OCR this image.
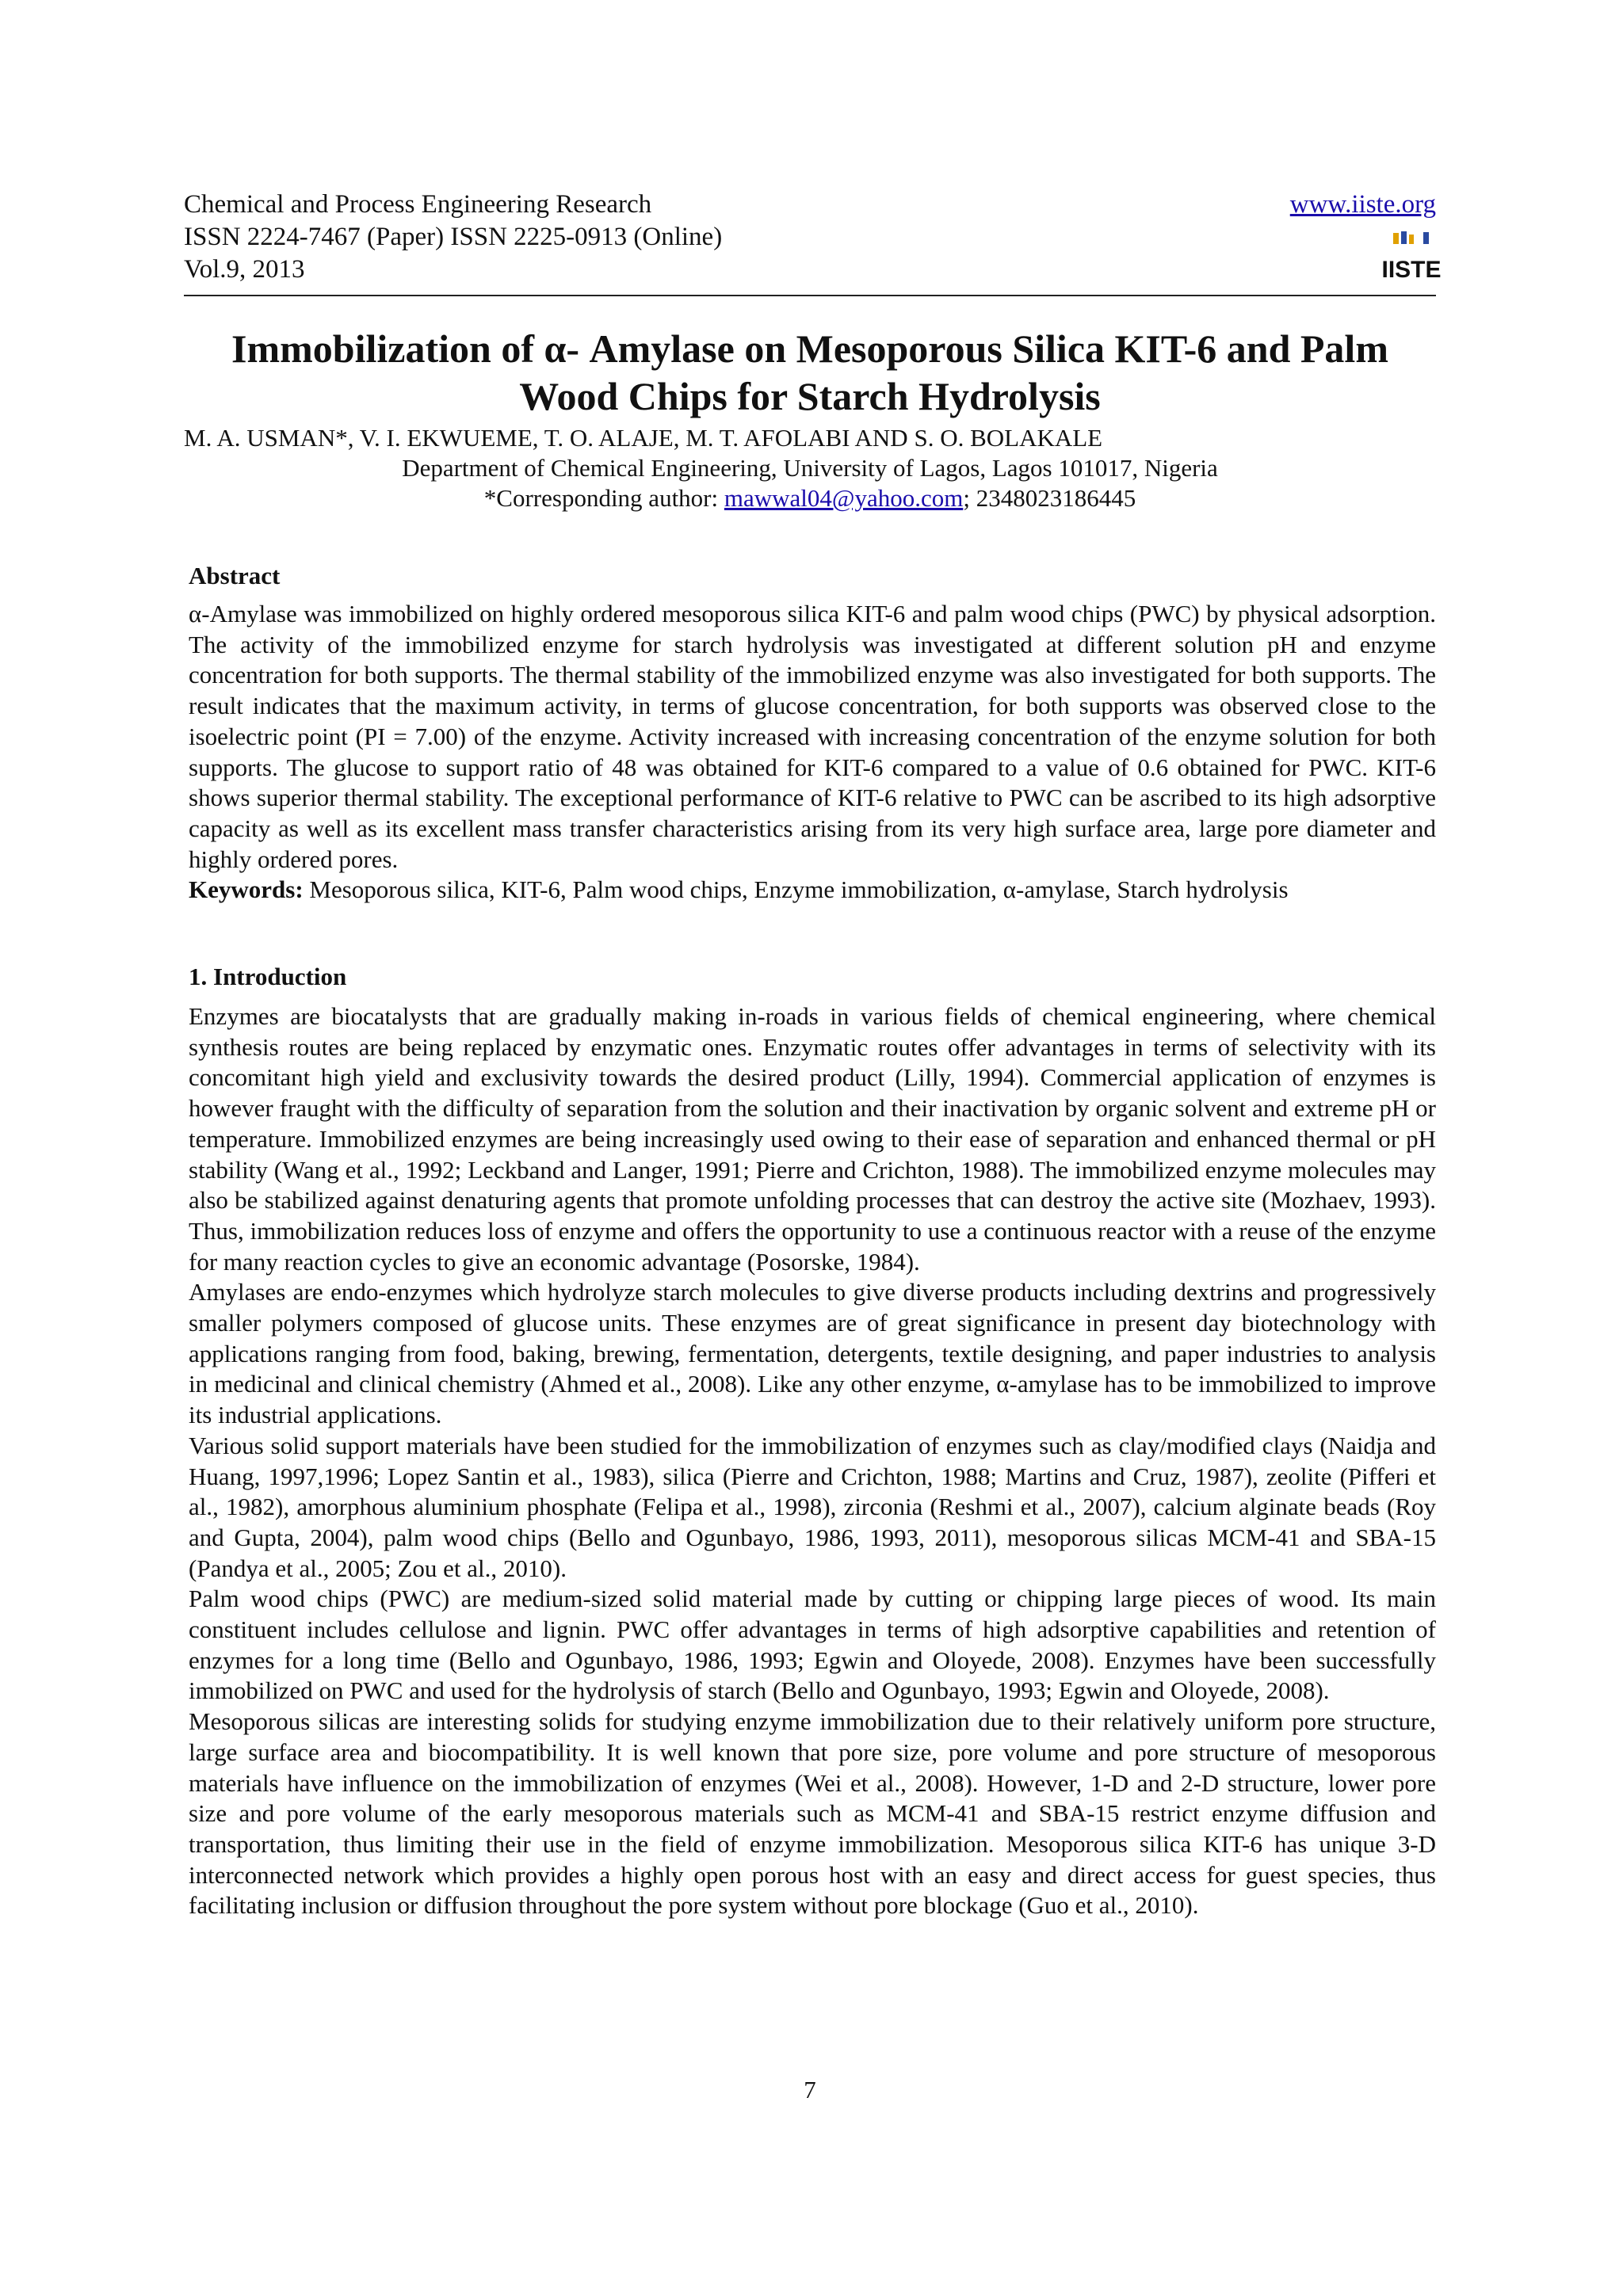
Chemical and Process Engineering Research
ISSN 2224-7467 (Paper) ISSN 2225-0913 (Online)
Vol.9, 2013
www.iiste.org
IISTE
Immobilization of α- Amylase on Mesoporous Silica KIT-6 and Palm Wood Chips for Starch Hydrolysis
M. A. USMAN*, V. I. EKWUEME, T. O. ALAJE, M. T. AFOLABI AND S. O. BOLAKALE
Department of Chemical Engineering, University of Lagos, Lagos 101017, Nigeria
*Corresponding author: mawwal04@yahoo.com; 2348023186445
Abstract

α-Amylase was immobilized on highly ordered mesoporous silica KIT-6 and palm wood chips (PWC) by physical adsorption. The activity of the immobilized enzyme for starch hydrolysis was investigated at different solution pH and enzyme concentration for both supports. The thermal stability of the immobilized enzyme was also investigated for both supports. The result indicates that the maximum activity, in terms of glucose concentration, for both supports was observed close to the isoelectric point (PI = 7.00) of the enzyme. Activity increased with increasing concentration of the enzyme solution for both supports. The glucose to support ratio of 48 was obtained for KIT-6 compared to a value of 0.6 obtained for PWC. KIT-6 shows superior thermal stability. The exceptional performance of KIT-6 relative to PWC can be ascribed to its high adsorptive capacity as well as its excellent mass transfer characteristics arising from its very high surface area, large pore diameter and highly ordered pores.

Keywords: Mesoporous silica, KIT-6, Palm wood chips, Enzyme immobilization, α-amylase, Starch hydrolysis

1. Introduction

Enzymes are biocatalysts that are gradually making in-roads in various fields of chemical engineering, where chemical synthesis routes are being replaced by enzymatic ones. Enzymatic routes offer advantages in terms of selectivity with its concomitant high yield and exclusivity towards the desired product (Lilly, 1994). Commercial application of enzymes is however fraught with the difficulty of separation from the solution and their inactivation by organic solvent and extreme pH or temperature. Immobilized enzymes are being increasingly used owing to their ease of separation and enhanced thermal or pH stability (Wang et al., 1992; Leckband and Langer, 1991; Pierre and Crichton, 1988). The immobilized enzyme molecules may also be stabilized against denaturing agents that promote unfolding processes that can destroy the active site (Mozhaev, 1993). Thus, immobilization reduces loss of enzyme and offers the opportunity to use a continuous reactor with a reuse of the enzyme for many reaction cycles to give an economic advantage (Posorske, 1984).

Amylases are endo-enzymes which hydrolyze starch molecules to give diverse products including dextrins and progressively smaller polymers composed of glucose units. These enzymes are of great significance in present day biotechnology with applications ranging from food, baking, brewing, fermentation, detergents, textile designing, and paper industries to analysis in medicinal and clinical chemistry (Ahmed et al., 2008). Like any other enzyme, α-amylase has to be immobilized to improve its industrial applications.

Various solid support materials have been studied for the immobilization of enzymes such as clay/modified clays (Naidja and Huang, 1997,1996; Lopez Santin et al., 1983), silica (Pierre and Crichton, 1988; Martins and Cruz, 1987), zeolite (Pifferi et al., 1982), amorphous aluminium phosphate (Felipa et al., 1998), zirconia (Reshmi et al., 2007), calcium alginate beads (Roy and Gupta, 2004), palm wood chips (Bello and Ogunbayo, 1986, 1993, 2011), mesoporous silicas MCM-41 and SBA-15 (Pandya et al., 2005; Zou et al., 2010).

Palm wood chips (PWC) are medium-sized solid material made by cutting or chipping large pieces of wood. Its main constituent includes cellulose and lignin. PWC offer advantages in terms of high adsorptive capabilities and retention of enzymes for a long time (Bello and Ogunbayo, 1986, 1993; Egwin and Oloyede, 2008). Enzymes have been successfully immobilized on PWC and used for the hydrolysis of starch (Bello and Ogunbayo, 1993; Egwin and Oloyede, 2008).

Mesoporous silicas are interesting solids for studying enzyme immobilization due to their relatively uniform pore structure, large surface area and biocompatibility. It is well known that pore size, pore volume and pore structure of mesoporous materials have influence on the immobilization of enzymes (Wei et al., 2008). However, 1-D and 2-D structure, lower pore size and pore volume of the early mesoporous materials such as MCM-41 and SBA-15 restrict enzyme diffusion and transportation, thus limiting their use in the field of enzyme immobilization. Mesoporous silica KIT-6 has unique 3-D interconnected network which provides a highly open porous host with an easy and direct access for guest species, thus facilitating inclusion or diffusion throughout the pore system without pore blockage (Guo et al., 2010).

7
